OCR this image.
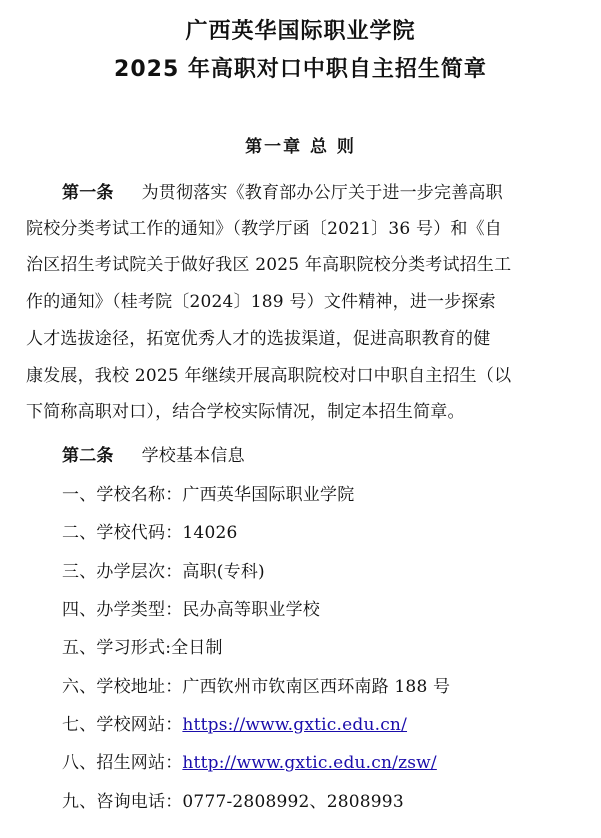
广西英华国际职业学院
2025 年高职对口中职自主招生简章
第一章 总 则
第一条 为贯彻落实《教育部办公厅关于进一步完善高职
院校分类考试工作的通知》（教学厅函〔2021〕36 号）和《自
治区招生考试院关于做好我区 2025 年高职院校分类考试招生工
作的通知》（桂考院〔2024〕189 号）文件精神，进一步探索
人才选拔途径，拓宽优秀人才的选拔渠道，促进高职教育的健
康发展，我校 2025 年继续开展高职院校对口中职自主招生（以
下简称高职对口），结合学校实际情况，制定本招生简章。
第二条 学校基本信息
一、学校名称：广西英华国际职业学院
二、学校代码：14026
三、办学层次：高职(专科)
四、办学类型：民办高等职业学校
五、学习形式:全日制
六、学校地址：广西钦州市钦南区西环南路 188 号
七、学校网站：https://www.gxtic.edu.cn/
八、招生网站：http://www.gxtic.edu.cn/zsw/
九、咨询电话：0777-2808992、2808993
